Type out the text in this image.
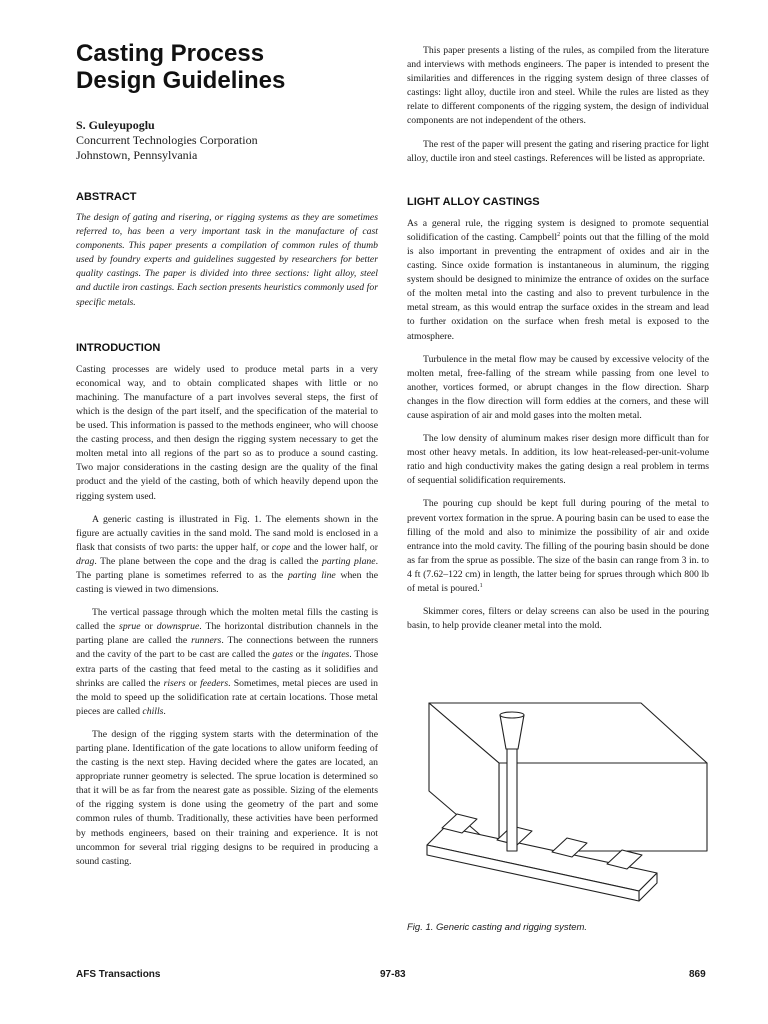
Casting Process
Design Guidelines
S. Guleyupoglu
Concurrent Technologies Corporation
Johnstown, Pennsylvania
ABSTRACT

The design of gating and risering, or rigging systems as they are sometimes referred to, has been a very important task in the manufacture of cast components. This paper presents a compilation of common rules of thumb used by foundry experts and guidelines suggested by researchers for better quality castings. The paper is divided into three sections: light alloy, steel and ductile iron castings. Each section presents heuristics commonly used for specific metals.

INTRODUCTION

Casting processes are widely used to produce metal parts in a very economical way, and to obtain complicated shapes with little or no machining. The manufacture of a part involves several steps, the first of which is the design of the part itself, and the specification of the material to be used. This information is passed to the methods engineer, who will choose the casting process, and then design the rigging system necessary to get the molten metal into all regions of the part so as to produce a sound casting. Two major considerations in the casting design are the quality of the final product and the yield of the casting, both of which heavily depend upon the rigging system used.

A generic casting is illustrated in Fig. 1. The elements shown in the figure are actually cavities in the sand mold. The sand mold is enclosed in a flask that consists of two parts: the upper half, or cope and the lower half, or drag. The plane between the cope and the drag is called the parting plane. The parting plane is sometimes referred to as the parting line when the casting is viewed in two dimensions.

The vertical passage through which the molten metal fills the casting is called the sprue or downsprue. The horizontal distribution channels in the parting plane are called the runners. The connections between the runners and the cavity of the part to be cast are called the gates or the ingates. Those extra parts of the casting that feed metal to the casting as it solidifies and shrinks are called the risers or feeders. Sometimes, metal pieces are used in the mold to speed up the solidification rate at certain locations. Those metal pieces are called chills.

The design of the rigging system starts with the determination of the parting plane. Identification of the gate locations to allow uniform feeding of the casting is the next step. Having decided where the gates are located, an appropriate runner geometry is selected. The sprue location is determined so that it will be as far from the nearest gate as possible. Sizing of the elements of the rigging system is done using the geometry of the part and some common rules of thumb. Traditionally, these activities have been performed by methods engineers, based on their training and experience. It is not uncommon for several trial rigging designs to be required in producing a sound casting.

This paper presents a listing of the rules, as compiled from the literature and interviews with methods engineers. The paper is intended to present the similarities and differences in the rigging system design of three classes of castings: light alloy, ductile iron and steel. While the rules are listed as they relate to different components of the rigging system, the design of individual components are not independent of the others.

The rest of the paper will present the gating and risering practice for light alloy, ductile iron and steel castings. References will be listed as appropriate.

LIGHT ALLOY CASTINGS

As a general rule, the rigging system is designed to promote sequential solidification of the casting. Campbell$^2$ points out that the filling of the mold is also important in preventing the entrapment of oxides and air in the casting. Since oxide formation is instantaneous in aluminum, the rigging system should be designed to minimize the entrance of oxides on the surface of the molten metal into the casting and also to prevent turbulence in the metal stream, as this would entrap the surface oxides in the stream and lead to further oxidation on the surface when fresh metal is exposed to the atmosphere.

Turbulence in the metal flow may be caused by excessive velocity of the molten metal, free-falling of the stream while passing from one level to another, vortices formed, or abrupt changes in the flow direction. Sharp changes in the flow direction will form eddies at the corners, and these will cause aspiration of air and mold gases into the molten metal.

The low density of aluminum makes riser design more difficult than for most other heavy metals. In addition, its low heat-released-per-unit-volume ratio and high conductivity makes the gating design a real problem in terms of sequential solidification requirements.

The pouring cup should be kept full during pouring of the metal to prevent vortex formation in the sprue. A pouring basin can be used to ease the filling of the mold and also to minimize the possibility of air and oxide entrance into the mold cavity. The filling of the pouring basin should be done as far from the sprue as possible. The size of the basin can range from 3 in. to 4 ft (7.62–122 cm) in length, the latter being for sprues through which 800 lb of metal is poured.$^1$

Skimmer cores, filters or delay screens can also be used in the pouring basin, to help provide cleaner metal into the mold.

Fig. 1. Generic casting and rigging system.
AFS Transactions	97-83	869
